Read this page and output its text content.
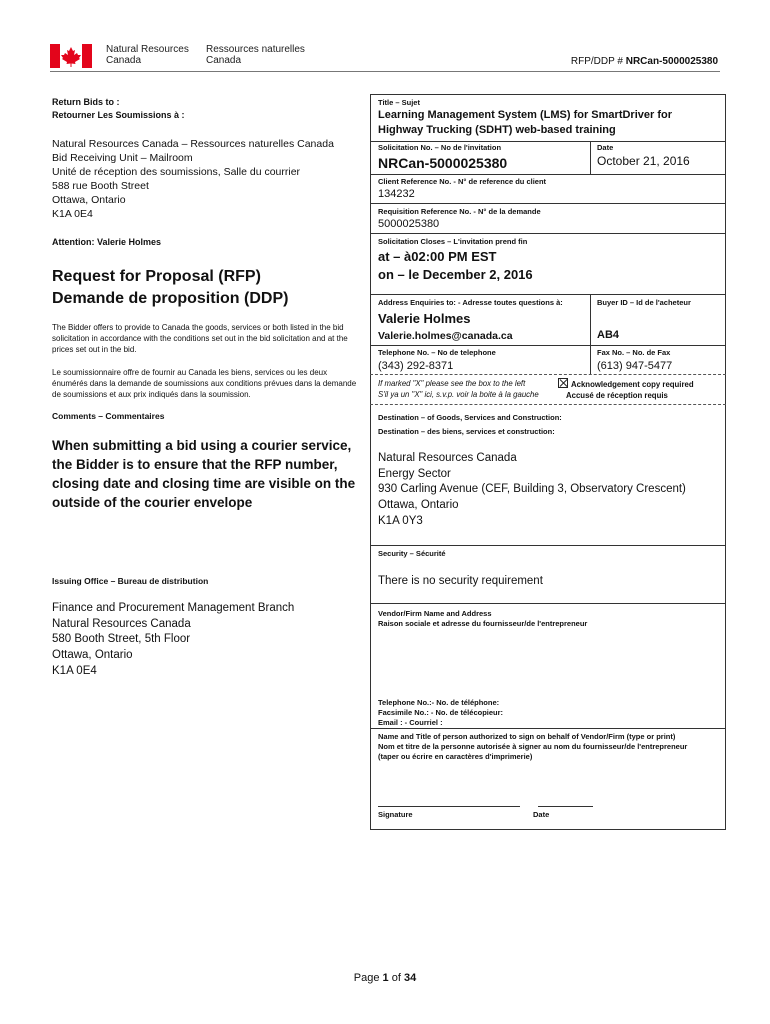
Natural Resources
Canada
Ressources naturelles
Canada	RFP/DDP # NRCan-5000025380
Return Bids to :
Retourner Les Soumissions à :
Natural Resources Canada – Ressources naturelles Canada
Bid Receiving Unit – Mailroom
Unité de réception des soumissions, Salle du courrier
588 rue Booth Street
Ottawa, Ontario
K1A 0E4
Attention: Valerie Holmes
Request for Proposal (RFP)
Demande de proposition (DDP)
The Bidder offers to provide to Canada the goods, services or both listed in the bid
solicitation in accordance with the conditions set out in the bid solicitation and at the
prices set out in the bid.
Le soumissionnaire offre de fournir au Canada les biens, services ou les deux
énumérés dans la demande de soumissions aux conditions prévues dans la demande
de soumissions et aux prix indiqués dans la soumission.
Comments – Commentaires
When submitting a bid using a courier service,
the Bidder is to ensure that the RFP number,
closing date and closing time are visible on the
outside of the courier envelope
Issuing Office – Bureau de distribution
Finance and Procurement Management Branch
Natural Resources Canada
580 Booth Street, 5th Floor
Ottawa, Ontario
K1A 0E4
Title – Sujet
Learning Management System (LMS) for SmartDriver for
Highway Trucking (SDHT) web-based training
Solicitation No. – No de l'invitation
NRCan-5000025380
Date
October 21, 2016
Client Reference No. - N° de reference du client
134232
Requisition Reference No. - N° de la demande
5000025380
Solicitation Closes – L'invitation prend fin
at – à02:00 PM EST
on – le December 2, 2016
Address Enquiries to: - Adresse toutes questions à:
Valerie Holmes
Valerie.holmes@canada.ca
Buyer ID – Id de l'acheteur
AB4
Telephone No. – No de telephone
(343) 292-8371
Fax No. – No. de Fax
(613) 947-5477
If marked "X" please see the box to the left
S'il ya un "X" ici, s.v.p. voir la boite à la gauche
Acknowledgement copy required
Accusé de réception requis
Destination – of Goods, Services and Construction:
Destination – des biens, services et construction:
Natural Resources Canada
Energy Sector
930 Carling Avenue (CEF, Building 3, Observatory Crescent)
Ottawa, Ontario
K1A 0Y3
Security – Sécurité
There is no security requirement
Vendor/Firm Name and Address
Raison sociale et adresse du fournisseur/de l'entrepreneur
Telephone No.:- No. de téléphone:
Facsimile No.: - No. de télécopieur:
Email : - Courriel :
Name and Title of person authorized to sign on behalf of Vendor/Firm (type or print)
Nom et titre de la personne autorisée à signer au nom du fournisseur/de l'entrepreneur
(taper ou écrire en caractères d'imprimerie)
Signature	Date
Page 1 of 34
